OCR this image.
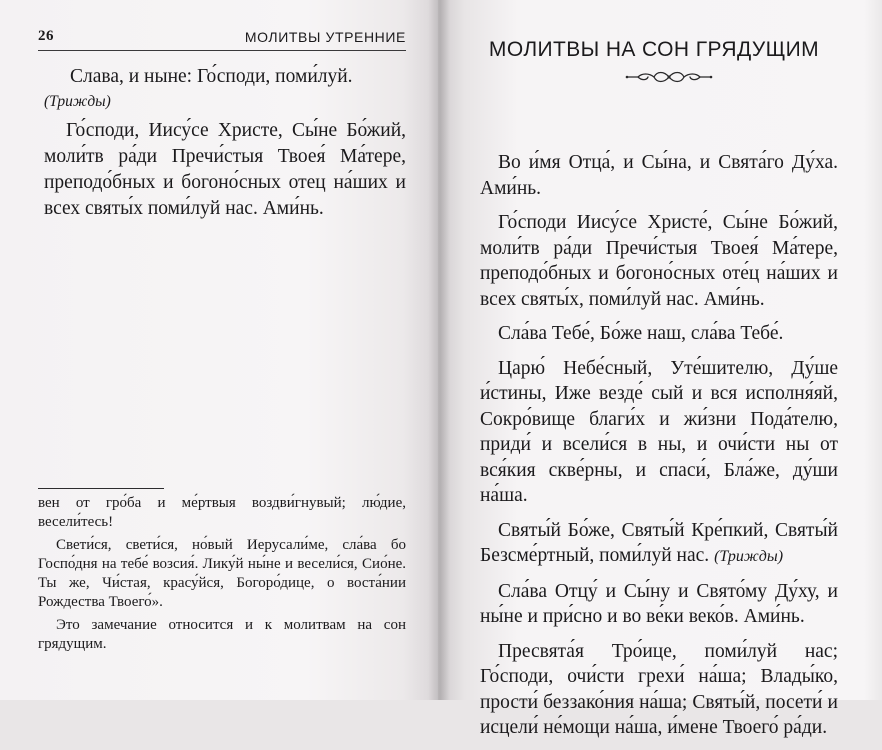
26	МОЛИТВЫ УТРЕННИЕ

Слава, и ныне: Го́споди, поми́луй.

(Трижды)

Го́споди, Иису́се Христе, Сы́не Бо́жий, моли́тв ра́ди Пречи́стыя Твоея́ Ма́тере, преподо́бных и богоно́сных отец на́ших и всех святы́х поми́луй нас. Ами́нь.

вен от гро́ба и ме́ртвыя воздви́гнувый; лю́дие, весели́тесь!

Свети́ся, свети́ся, но́вый Иерусали́ме, сла́ва бо Госпо́дня на тебе́ возсия́. Лику́й ны́не и весели́ся, Сио́не. Ты же, Чи́стая, красу́йся, Богоро́дице, о воста́нии Рождества Твоего́».

Это замечание относится и к молитвам на сон грядущим.

МОЛИТВЫ НА СОН ГРЯДУЩИМ

Во и́мя Отца́, и Сы́на, и Свята́го Ду́ха. Ами́нь.

Го́споди Иису́се Христе́, Сы́не Бо́жий, моли́тв ра́ди Пречи́стыя Твоея́ Ма́тере, преподо́бных и богоно́сных оте́ц на́ших и всех святы́х, поми́луй нас. Ами́нь.

Сла́ва Тебе́, Бо́же наш, сла́ва Тебе́.

Царю́ Небе́сный, Уте́шителю, Ду́ше и́стины, Иже везде́ сый и вся исполня́яй, Сокро́вище благи́х и жи́зни Пода́телю, приди́ и всели́ся в ны, и очи́сти ны от вся́кия скве́рны, и спаси́, Бла́же, ду́ши на́ша.

Святы́й Бо́же, Святы́й Кре́пкий, Святы́й Безсме́ртный, поми́луй нас. (Трижды)

Сла́ва Отцу́ и Сы́ну и Свято́му Ду́ху, и ны́не и при́сно и во ве́ки веко́в. Ами́нь.

Пресвята́я Тро́ице, поми́луй нас; Го́споди, очи́сти грехи́ на́ша; Влады́ко, прости́ беззако́ния на́ша; Святы́й, посети́ и исцели́ не́мощи на́ша, и́мене Твоего́ ра́ди.
